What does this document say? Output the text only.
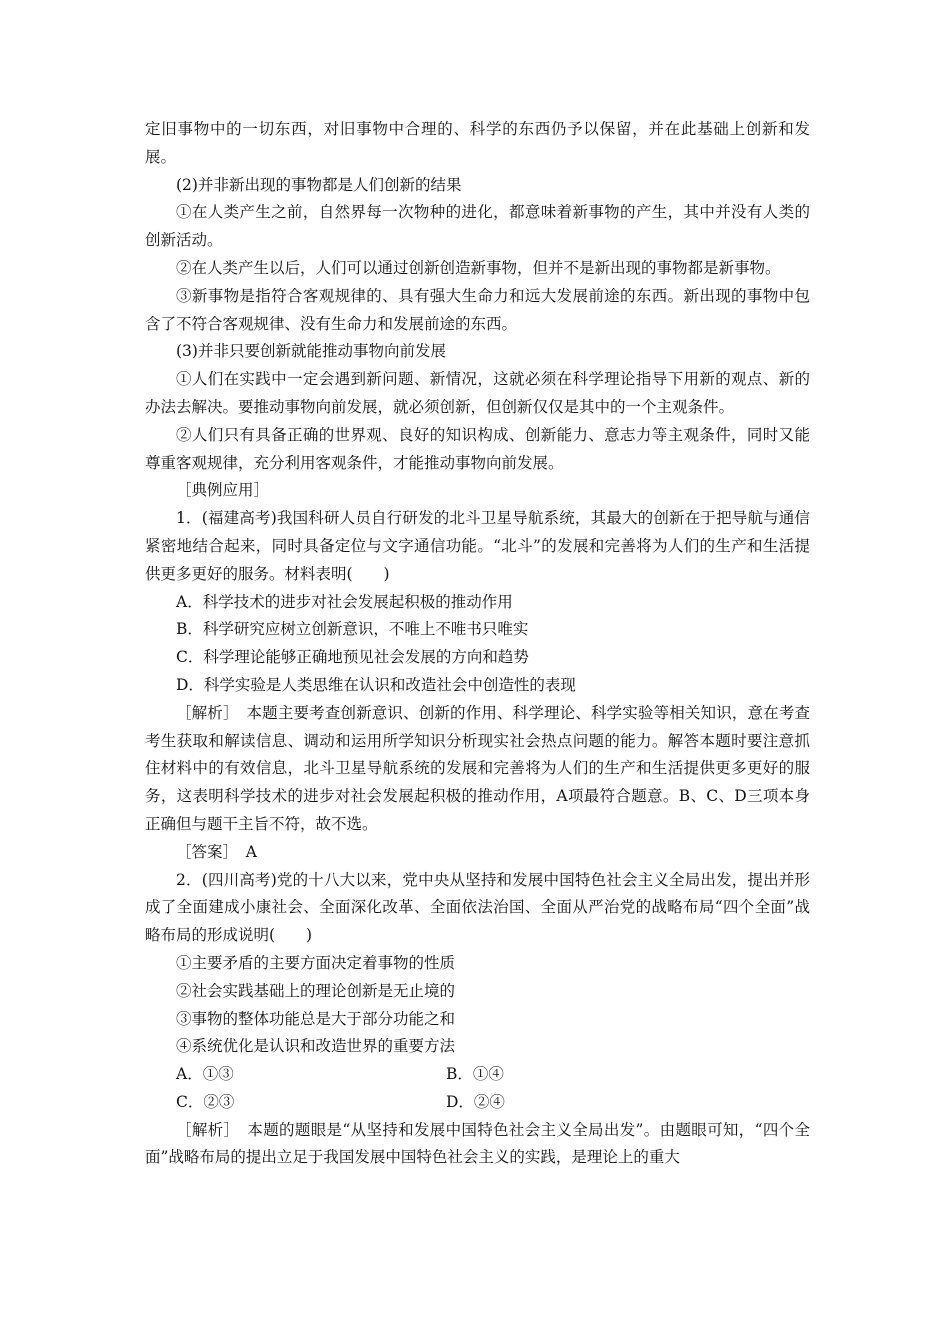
定旧事物中的一切东西，对旧事物中合理的、科学的东西仍予以保留，并在此基础上创新和发展。

(2)并非新出现的事物都是人们创新的结果

①在人类产生之前，自然界每一次物种的进化，都意味着新事物的产生，其中并没有人类的创新活动。

②在人类产生以后，人们可以通过创新创造新事物，但并不是新出现的事物都是新事物。

③新事物是指符合客观规律的、具有强大生命力和远大发展前途的东西。新出现的事物中包含了不符合客观规律、没有生命力和发展前途的东西。

(3)并非只要创新就能推动事物向前发展

①人们在实践中一定会遇到新问题、新情况，这就必须在科学理论指导下用新的观点、新的办法去解决。要推动事物向前发展，就必须创新，但创新仅仅是其中的一个主观条件。

②人们只有具备正确的世界观、良好的知识构成、创新能力、意志力等主观条件，同时又能尊重客观规律，充分利用客观条件，才能推动事物向前发展。

［典例应用］

1．(福建高考)我国科研人员自行研发的北斗卫星导航系统，其最大的创新在于把导航与通信紧密地结合起来，同时具备定位与文字通信功能。“北斗”的发展和完善将为人们的生产和生活提供更多更好的服务。材料表明(　　)

A．科学技术的进步对社会发展起积极的推动作用

B．科学研究应树立创新意识，不唯上不唯书只唯实

C．科学理论能够正确地预见社会发展的方向和趋势

D．科学实验是人类思维在认识和改造社会中创造性的表现

［解析］　本题主要考查创新意识、创新的作用、科学理论、科学实验等相关知识，意在考查考生获取和解读信息、调动和运用所学知识分析现实社会热点问题的能力。解答本题时要注意抓住材料中的有效信息，北斗卫星导航系统的发展和完善将为人们的生产和生活提供更多更好的服务，这表明科学技术的进步对社会发展起积极的推动作用，A项最符合题意。B、C、D三项本身正确但与题干主旨不符，故不选。

［答案］　A

2．(四川高考)党的十八大以来，党中央从坚持和发展中国特色社会主义全局出发，提出并形成了全面建成小康社会、全面深化改革、全面依法治国、全面从严治党的战略布局“四个全面”战略布局的形成说明(　　)

①主要矛盾的主要方面决定着事物的性质

②社会实践基础上的理论创新是无止境的

③事物的整体功能总是大于部分功能之和

④系统优化是认识和改造世界的重要方法

A．①③	B．①④
C．②③	D．②④

［解析］　本题的题眼是“从坚持和发展中国特色社会主义全局出发”。由题眼可知，“四个全面”战略布局的提出立足于我国发展中国特色社会主义的实践，是理论上的重大
